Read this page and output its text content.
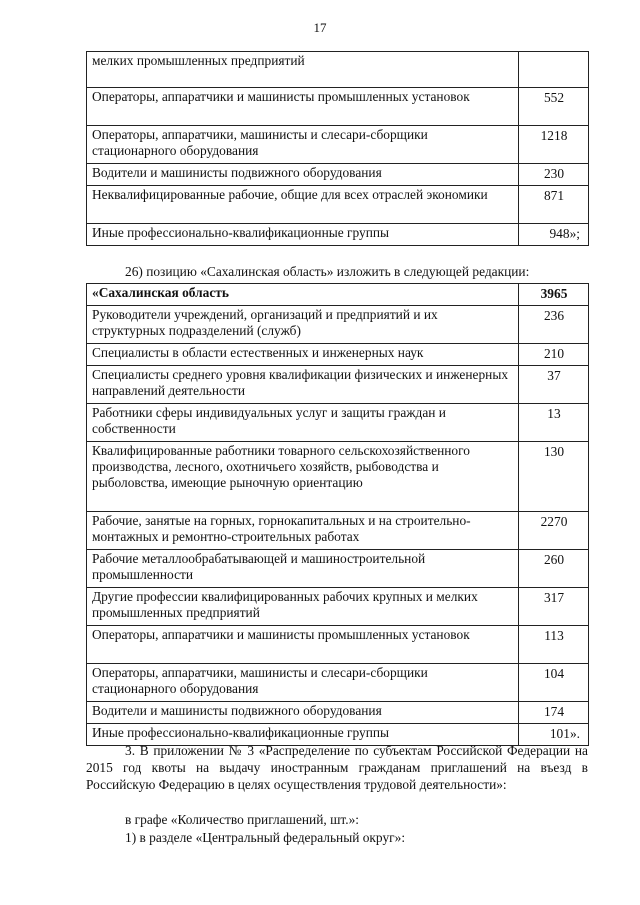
17
мелких промышленных предприятий	
Операторы, аппаратчики и машинисты промышленных установок	552
Операторы, аппаратчики, машинисты и слесари-сборщики стационарного оборудования	1218
Водители и машинисты подвижного оборудования	230
Неквалифицированные рабочие, общие для всех отраслей экономики	871
Иные профессионально-квалификационные группы	948»;

26) позицию «Сахалинская область» изложить в следующей редакции:

«Сахалинская область	3965
Руководители учреждений, организаций и предприятий и их структурных подразделений (служб)	236
Специалисты в области естественных и инженерных наук	210
Специалисты среднего уровня квалификации физических и инженерных направлений деятельности	37
Работники сферы индивидуальных услуг и защиты граждан и собственности	13
Квалифицированные работники товарного сельскохозяйственного производства, лесного, охотничьего хозяйств, рыбоводства и рыболовства, имеющие рыночную ориентацию	130
Рабочие, занятые на горных, горнокапитальных и на строительно-монтажных и ремонтно-строительных работах	2270
Рабочие металлообрабатывающей и машиностроительной промышленности	260
Другие профессии квалифицированных рабочих крупных и мелких промышленных предприятий	317
Операторы, аппаратчики и машинисты промышленных установок	113
Операторы, аппаратчики, машинисты и слесари-сборщики стационарного оборудования	104
Водители и машинисты подвижного оборудования	174
Иные профессионально-квалификационные группы	101».

3. В приложении № 3 «Распределение по субъектам Российской Федерации на 2015 год квоты на выдачу иностранным гражданам приглашений на въезд в Российскую Федерацию в целях осуществления трудовой деятельности»:

в графе «Количество приглашений, шт.»:

1) в разделе «Центральный федеральный округ»:
